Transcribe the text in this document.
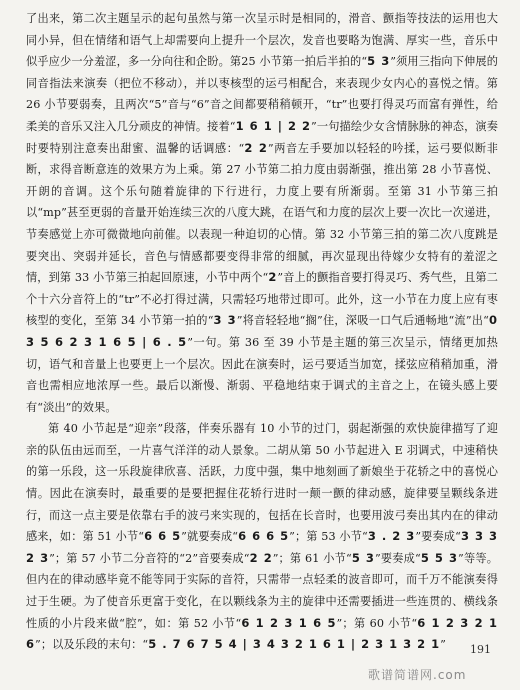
了出来，第二次主题呈示的起句虽然与第一次呈示时是相同的，滑音、颤指等技法的运用也大同小异，但在情绪和语气上却需要向上提升一个层次，发音也要略为饱满、厚实一些，音乐中似乎应少一分羞涩，多一分向往和企盼。第25 小节第一拍后半拍的“5 3”须用三指向下伸展的同音指法来演奏（把位不移动），并以枣核型的运弓相配合，来表现少女内心的喜悦之情。第 26 小节要弱奏，且两次“5”音与“6”音之间都要稍稍顿开，“tr”也要打得灵巧而富有弹性，给柔美的音乐又注入几分顽皮的神情。接着“1 6 1 | 2 2”一句描绘少女含情脉脉的神态，演奏时要特别注意奏出甜蜜、温馨的话调感：“2 2”两音左手要加以轻轻的吟揉，运弓要似断非断，求得音断意连的效果方为上乘。第 27 小节第二拍力度由弱渐强，推出第 28 小节喜悦、开朗的音调。这个乐句随着旋律的下行进行，力度上要有所渐弱。至第 31 小节第三拍以“mp”甚至更弱的音量开始连续三次的八度大跳，在语气和力度的层次上要一次比一次递进，节奏感觉上亦可微微地向前催。以表现一种迫切的心情。第 32 小节第三拍的第二次八度跳是要突出、突弱并延长，音色与情感都要变得非常的细腻，再次显现出待嫁少女特有的羞涩之情，到第 33 小节第三拍起回原速，小节中两个“2”音上的颤指音要打得灵巧、秀气些，且第二个十六分音符上的“tr”不必打得过满，只需轻巧地带过即可。此外，这一小节在力度上应有枣核型的变化，至第 34 小节第一拍的“3 3”将音轻轻地“搁”住，深吸一口气后通畅地“流”出“0 3 5 6 2 3 1 6 5 | 6 . 5”一句。第 36 至 39 小节是主题的第三次呈示，情绪更加热切，语气和音量上也要更上一个层次。因此在演奏时，运弓要适当加宽，揉弦应稍稍加重，滑音也需相应地浓厚一些。最后以渐慢、渐弱、平稳地结束于调式的主音之上，在镜头感上要有“淡出”的效果。

第 40 小节起是“迎亲”段落，伴奏乐器有 10 小节的过门，弱起渐强的欢快旋律描写了迎亲的队伍由远而至，一片喜气洋洋的动人景象。二胡从第 50 小节起进入 E 羽调式，中速稍快的第一乐段，这一乐段旋律欣喜、活跃，力度中强，集中地刻画了新娘坐于花轿之中的喜悦心情。因此在演奏时，最重要的是要把握住花轿行进时一颠一颤的律动感，旋律要呈颗线条进行，而这一点主要是依靠右手的波弓来实现的，包括在长音时，也要用波弓奏出其内在的律动感来，如：第 51 小节“6 6 5”就要奏成“6 6 6 5”；第 53 小节“3 . 2 3”要奏成“3 3 3 2 3”；第 57 小节二分音符的“2”音要奏成“2 2”；第 61 小节“5 3”要奏成“5 5 3”等等。但内在的律动感毕竟不能等同于实际的音符，只需带一点轻柔的波音即可，而千万不能演奏得过于生硬。为了使音乐更富于变化，在以颗线条为主的旋律中还需要插进一些连贯的、横线条性质的小片段来做“腔”，如：第 52 小节“6 1 2 3 1 6 5”；第 60 小节“6 1 2 3 2 1 6”；以及乐段的末句：“5 . 7 6 7 5 4 | 3 4 3 2 1 6 1 | 2 3 1 3 2 1”	191
歌谱简谱网.com
